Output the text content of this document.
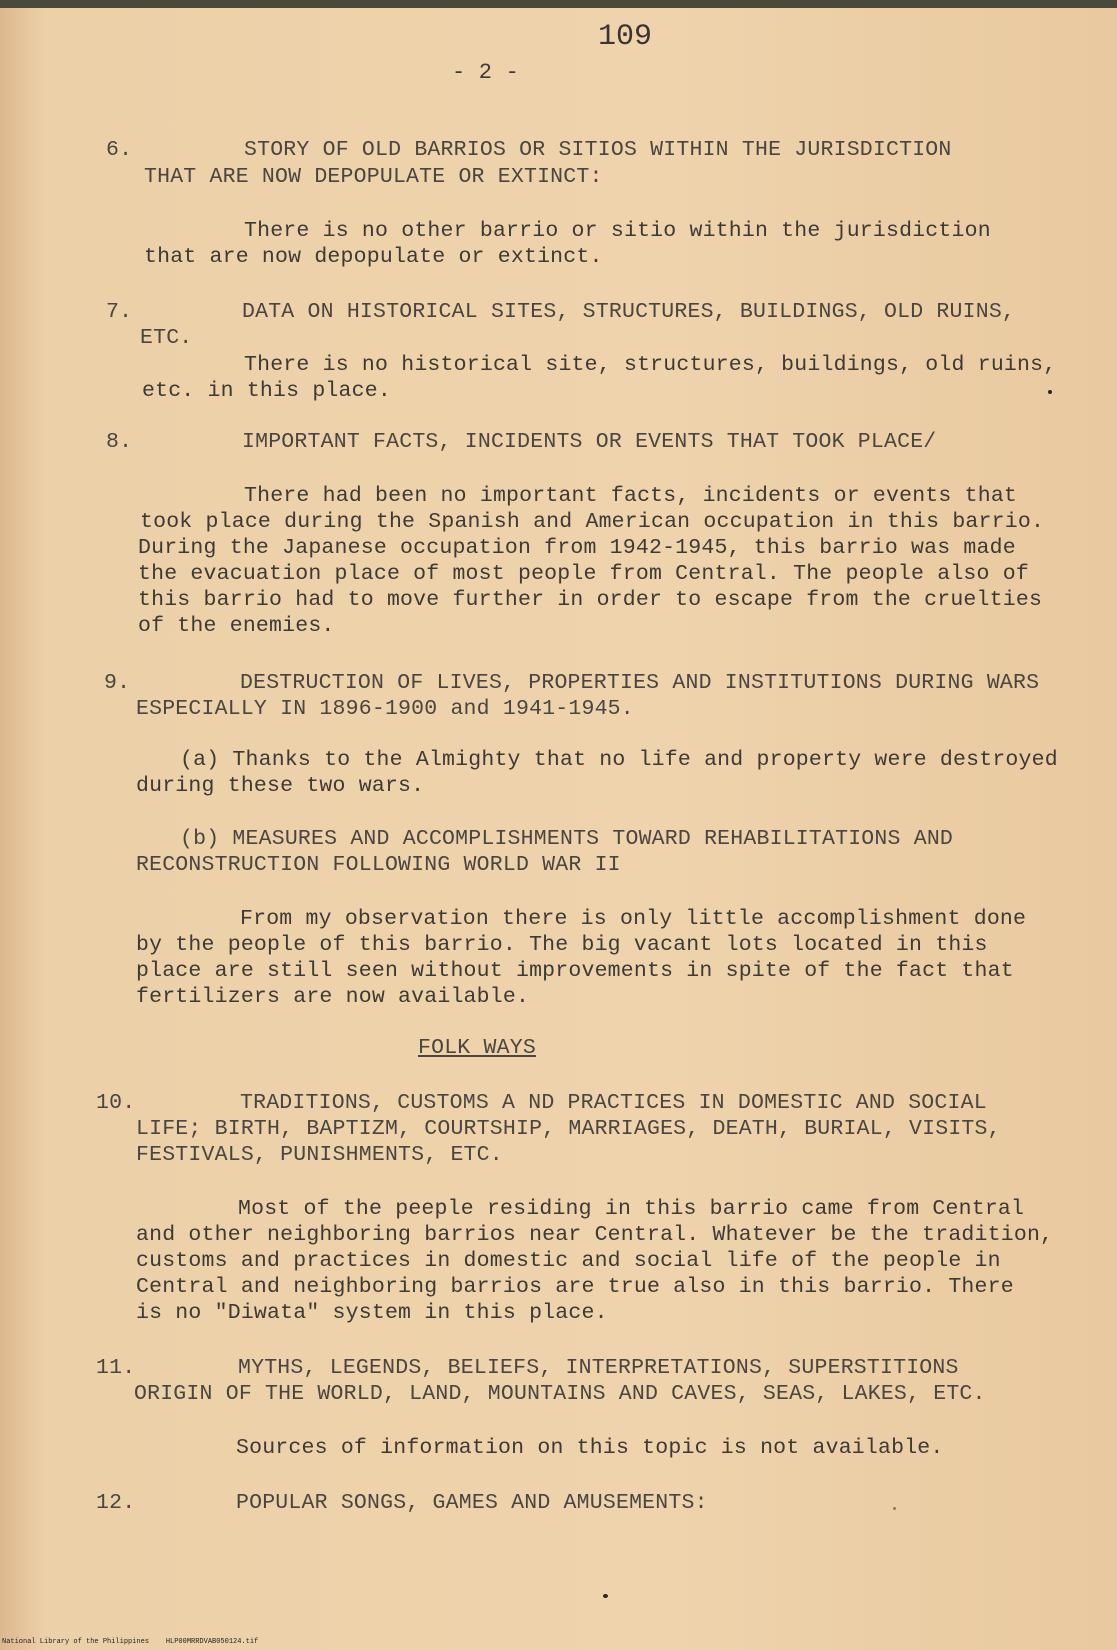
109
- 2 -
6.	STORY OF OLD BARRIOS OR SITIOS WITHIN THE JURISDICTION
THAT ARE NOW DEPOPULATE OR EXTINCT:
There is no other barrio or sitio within the jurisdiction
that are now depopulate or extinct.
7.	DATA ON HISTORICAL SITES, STRUCTURES, BUILDINGS, OLD RUINS,
ETC.
There is no historical site, structures, buildings, old ruins,
etc. in this place.
8.	IMPORTANT FACTS, INCIDENTS OR EVENTS THAT TOOK PLACE/
There had been no important facts, incidents or events that
took place during the Spanish and American occupation in this barrio.
During the Japanese occupation from 1942-1945, this barrio was made
the evacuation place of most people from Central. The people also of
this barrio had to move further in order to escape from the cruelties
of the enemies.
9.	DESTRUCTION OF LIVES, PROPERTIES AND INSTITUTIONS DURING WARS
ESPECIALLY IN 1896-1900 and 1941-1945.
(a) Thanks to the Almighty that no life and property were destroyed
during these two wars.
(b) MEASURES AND ACCOMPLISHMENTS TOWARD REHABILITATIONS AND
RECONSTRUCTION FOLLOWING WORLD WAR II
From my observation there is only little accomplishment done
by the people of this barrio. The big vacant lots located in this
place are still seen without improvements in spite of the fact that
fertilizers are now available.
FOLK WAYS
10.	TRADITIONS, CUSTOMS A ND PRACTICES IN DOMESTIC AND SOCIAL
LIFE; BIRTH, BAPTIZM, COURTSHIP, MARRIAGES, DEATH, BURIAL, VISITS,
FESTIVALS, PUNISHMENTS, ETC.
Most of the peeple residing in this barrio came from Central
and other neighboring barrios near Central. Whatever be the tradition,
customs and practices in domestic and social life of the people in
Central and neighboring barrios are true also in this barrio. There
is no "Diwata" system in this place.
11.	MYTHS, LEGENDS, BELIEFS, INTERPRETATIONS, SUPERSTITIONS
ORIGIN OF THE WORLD, LAND, MOUNTAINS AND CAVES, SEAS, LAKES, ETC.
Sources of information on this topic is not available.
12.	POPULAR SONGS, GAMES AND AMUSEMENTS:
National Library of the Philippines    HLP00MRRDVAB050124.tif
